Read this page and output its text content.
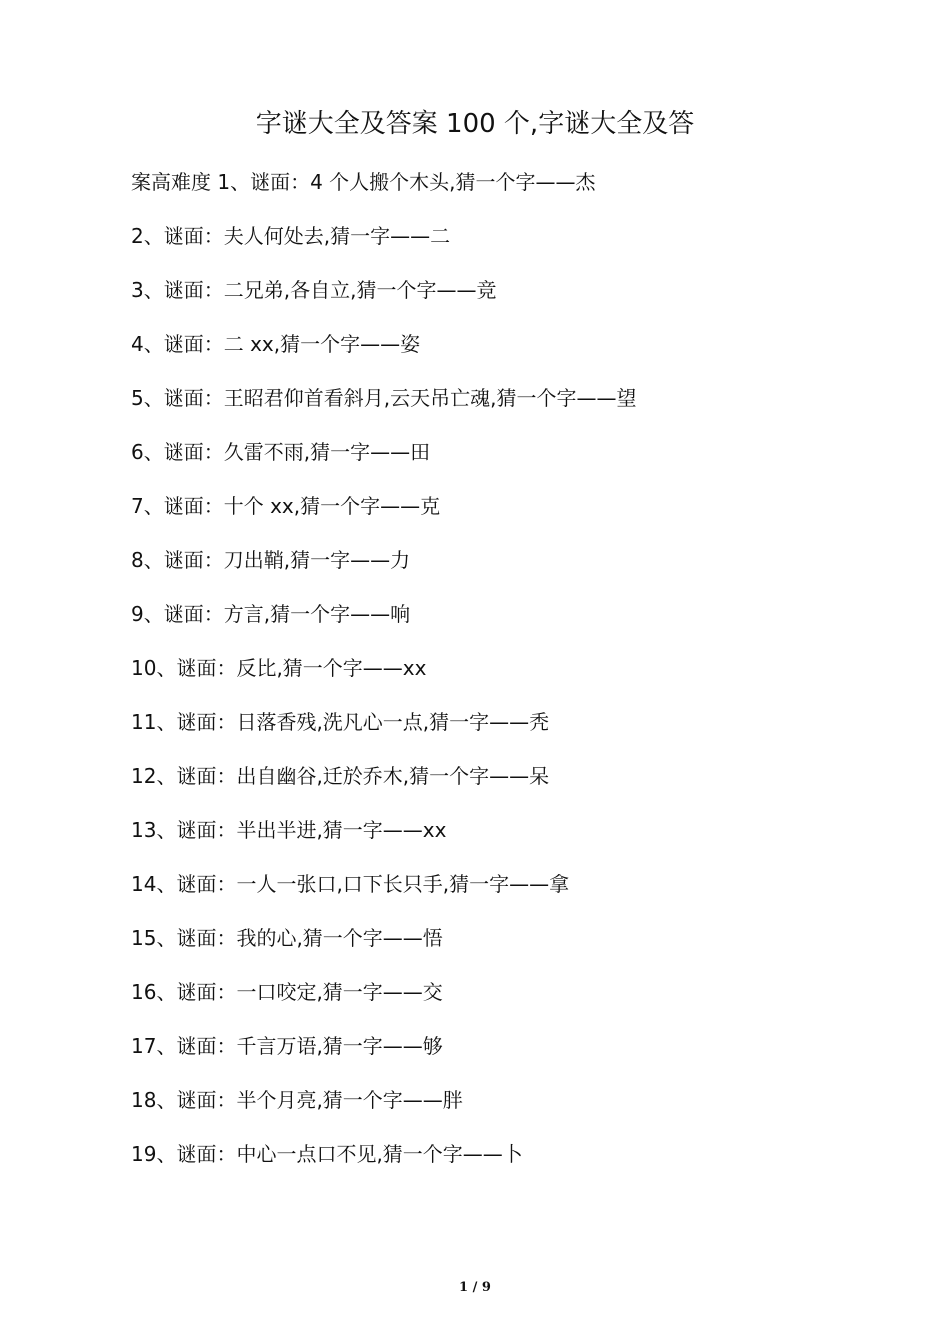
字谜大全及答案 100 个,字谜大全及答
案高难度 1、谜面：4 个人搬个木头,猜一个字——杰
2、谜面：夫人何处去,猜一字——二
3、谜面：二兄弟,各自立,猜一个字——竞
4、谜面：二 xx,猜一个字——姿
5、谜面：王昭君仰首看斜月,云天吊亡魂,猜一个字——望
6、谜面：久雷不雨,猜一字——田
7、谜面：十个 xx,猜一个字——克
8、谜面：刀出鞘,猜一字——力
9、谜面：方言,猜一个字——响
10、谜面：反比,猜一个字——xx
11、谜面：日落香残,洗凡心一点,猜一字——秃
12、谜面：出自幽谷,迁於乔木,猜一个字——呆
13、谜面：半出半进,猜一字——xx
14、谜面：一人一张口,口下长只手,猜一字——拿
15、谜面：我的心,猜一个字——悟
16、谜面：一口咬定,猜一字——交
17、谜面：千言万语,猜一字——够
18、谜面：半个月亮,猜一个字——胖
19、谜面：中心一点口不见,猜一个字——卜
1 / 9
